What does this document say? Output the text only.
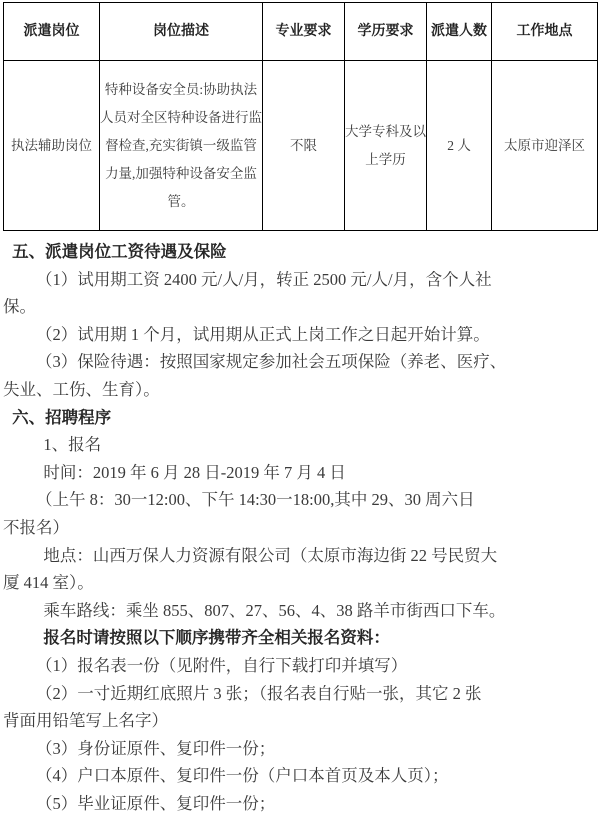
派遣岗位	岗位描述	专业要求	学历要求	派遣人数	工作地点
执法辅助岗位	特种设备安全员:协助执法人员对全区特种设备进行监督检查,充实街镇一级监管力量,加强特种设备安全监管。	不限	大学专科及以上学历	2 人	太原市迎泽区
五、派遣岗位工资待遇及保险
（1）试用期工资 2400 元/人/月，转正 2500 元/人/月，含个人社
保。
（2）试用期 1 个月，试用期从正式上岗工作之日起开始计算。
（3）保险待遇：按照国家规定参加社会五项保险（养老、医疗、
失业、工伤、生育）。
六、招聘程序
1、报名
时间：2019 年 6 月 28 日-2019 年 7 月 4 日
（上午 8：30一12:00、下午 14:30一18:00,其中 29、30 周六日
不报名）
地点：山西万保人力资源有限公司（太原市海边街 22 号民贸大
厦 414 室）。
乘车路线：乘坐 855、807、27、56、4、38 路羊市街西口下车。
报名时请按照以下顺序携带齐全相关报名资料：
（1）报名表一份（见附件，自行下载打印并填写）
（2）一寸近期红底照片 3 张；（报名表自行贴一张，其它 2 张
背面用铅笔写上名字）
（3）身份证原件、复印件一份；
（4）户口本原件、复印件一份（户口本首页及本人页）；
（5）毕业证原件、复印件一份；
